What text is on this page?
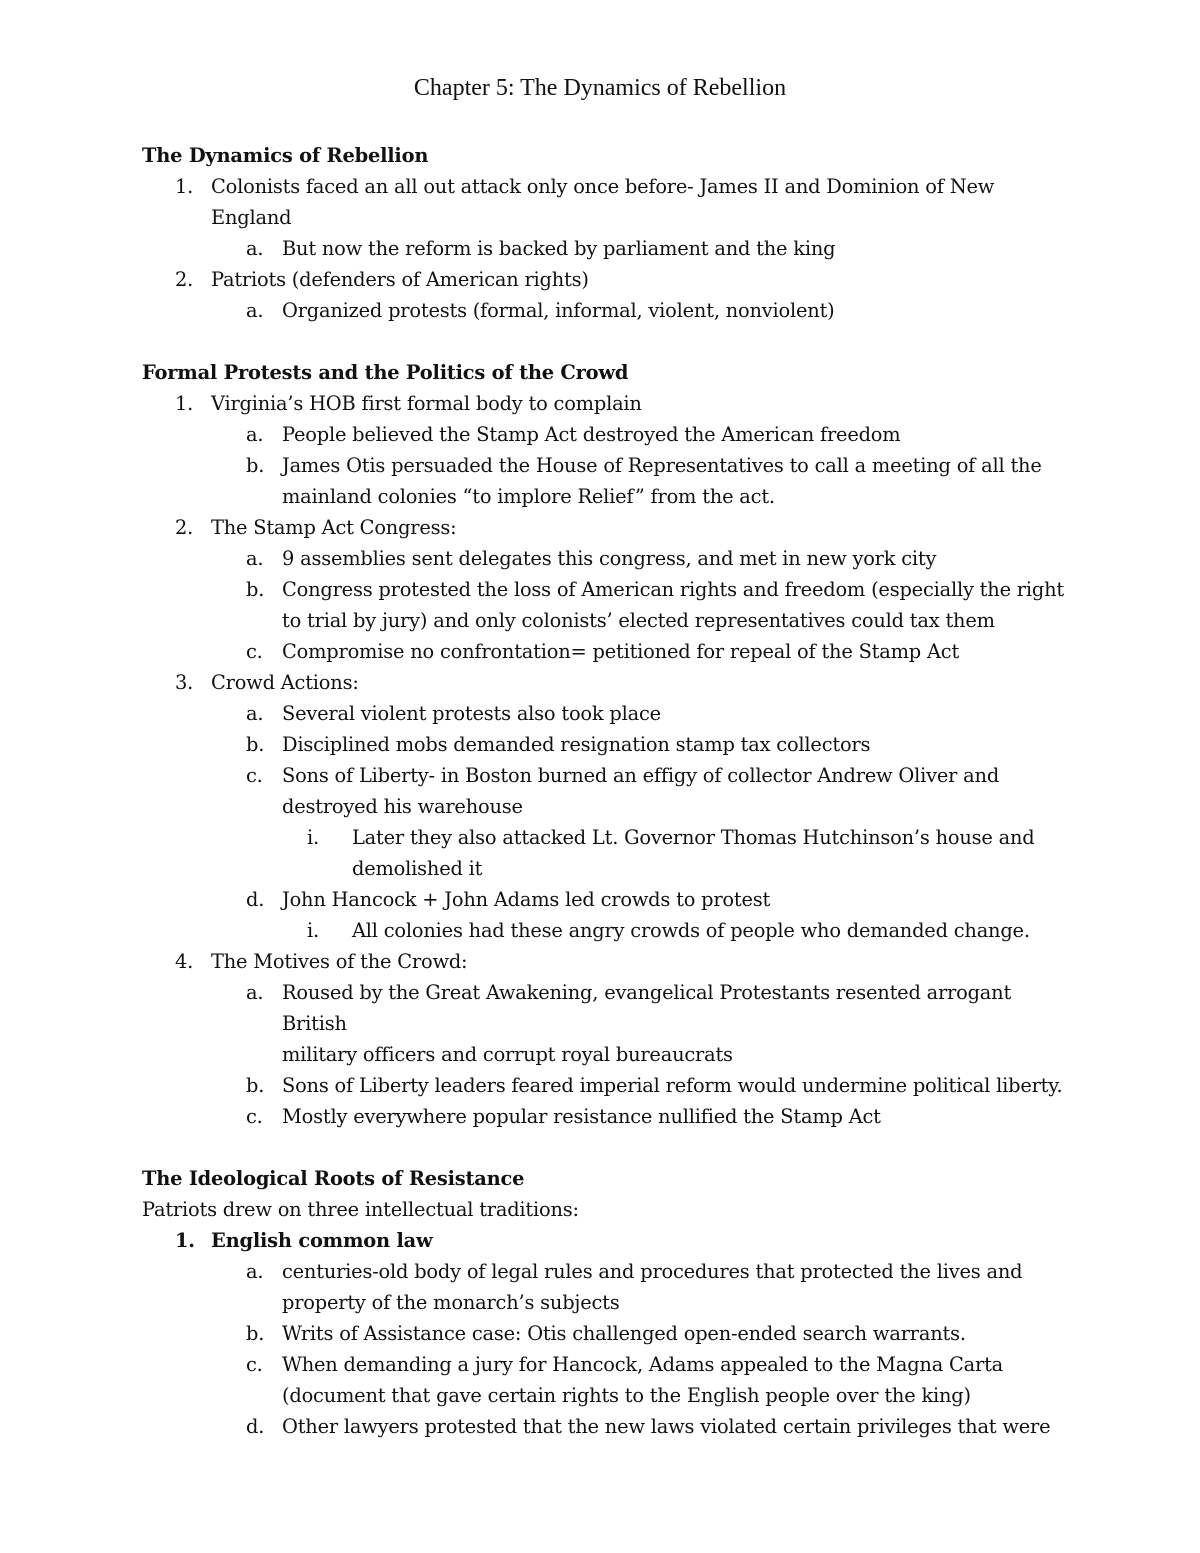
Chapter 5: The Dynamics of Rebellion
The Dynamics of Rebellion
1. Colonists faced an all out attack only once before- James II and Dominion of New
England
a. But now the reform is backed by parliament and the king
2. Patriots (defenders of American rights)
a. Organized protests (formal, informal, violent, nonviolent)
Formal Protests and the Politics of the Crowd
1. Virginia’s HOB first formal body to complain
a. People believed the Stamp Act destroyed the American freedom
b. James Otis persuaded the House of Representatives to call a meeting of all the
mainland colonies “to implore Relief” from the act.
2. The Stamp Act Congress:
a. 9 assemblies sent delegates this congress, and met in new york city
b. Congress protested the loss of American rights and freedom (especially the right
to trial by jury) and only colonists’ elected representatives could tax them
c. Compromise no confrontation= petitioned for repeal of the Stamp Act
3. Crowd Actions:
a. Several violent protests also took place
b. Disciplined mobs demanded resignation stamp tax collectors
c. Sons of Liberty- in Boston burned an effigy of collector Andrew Oliver and
destroyed his warehouse
i.	Later they also attacked Lt. Governor Thomas Hutchinson’s house and
demolished it
d. John Hancock + John Adams led crowds to protest
i.	All colonies had these angry crowds of people who demanded change.
4. The Motives of the Crowd:
a. Roused by the Great Awakening, evangelical Protestants resented arrogant British
military officers and corrupt royal bureaucrats
b. Sons of Liberty leaders feared imperial reform would undermine political liberty.
c. Mostly everywhere popular resistance nullified the Stamp Act
The Ideological Roots of Resistance
Patriots drew on three intellectual traditions:
1. English common law
a. centuries-old body of legal rules and procedures that protected the lives and
property of the monarch’s subjects
b. Writs of Assistance case: Otis challenged open-ended search warrants.
c. When demanding a jury for Hancock, Adams appealed to the Magna Carta
(document that gave certain rights to the English people over the king)
d. Other lawyers protested that the new laws violated certain privileges that were
